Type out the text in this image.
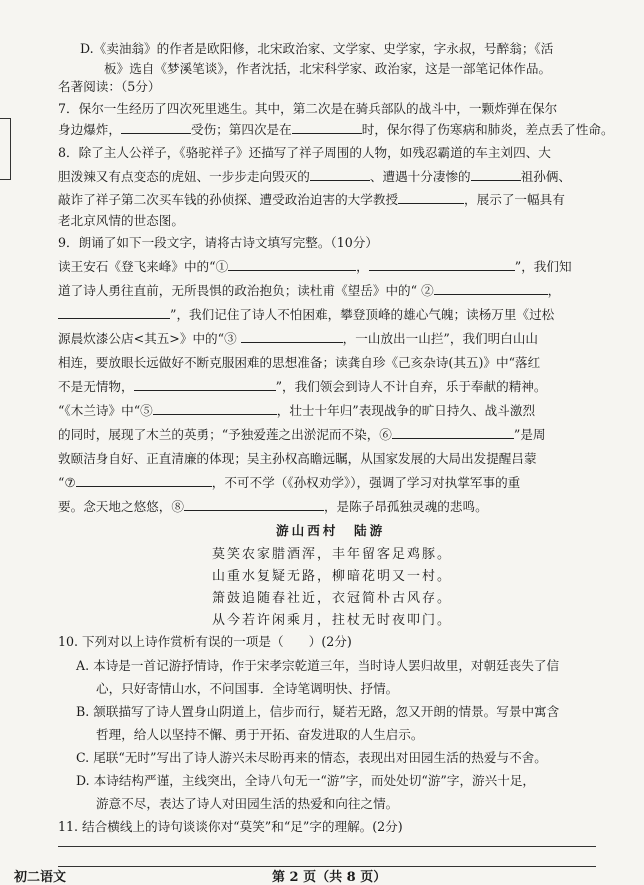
D.《卖油翁》的作者是欧阳修，北宋政治家、文学家、史学家，字永叔，号醉翁；《活
板》选自《梦溪笔谈》，作者沈括，北宋科学家、政治家，这是一部笔记体作品。
名著阅读：（5分）
7．保尔一生经历了四次死里逃生。其中，第二次是在骑兵部队的战斗中，一颗炸弹在保尔
身边爆炸，	受伤；第四次是在	时，保尔得了伤寒病和肺炎，差点丢了性命。
8．除了主人公祥子，《骆驼祥子》还描写了祥子周围的人物，如残忍霸道的车主刘四、大
胆泼辣又有点变态的虎妞、一步步走向毁灭的	、遭遇十分凄惨的	祖孙俩、
敲诈了祥子第二次买车钱的孙侦探、遭受政治迫害的大学教授	，展示了一幅具有
老北京风情的世态图。
9．朗诵了如下一段文字，请将古诗文填写完整。（10分）
读王安石《登飞来峰》中的“①	，	”，我们知
道了诗人勇往直前，无所畏惧的政治抱负；读杜甫《望岳》中的“ ②	，
”，我们记住了诗人不怕困难，攀登顶峰的雄心气魄；读杨万里《过松
源晨炊漆公店<其五>》中的“③	，一山放出一山拦”，我们明白山山
相连，要放眼长远做好不断克服困难的思想准备；读龚自珍《己亥杂诗(其五)》中“落红
不是无情物，	”，我们领会到诗人不计自弃，乐于奉献的精神。
“《木兰诗》中“⑤	，壮士十年归”表现战争的旷日持久、战斗激烈
的同时，展现了木兰的英勇；“予独爱莲之出淤泥而不染，⑥	”是周
敦颐洁身自好、正直清廉的体现；吴主孙权高瞻远瞩，从国家发展的大局出发提醒吕蒙
“⑦	，不可不学（《孙权劝学》），强调了学习对执掌军事的重
要。念天地之悠悠，⑧	，是陈子昂孤独灵魂的悲鸣。
游山西村　陆游
莫笑农家腊酒浑，丰年留客足鸡豚。
山重水复疑无路，柳暗花明又一村。
箫鼓追随春社近，衣冠简朴古风存。
从今若许闲乘月，拄杖无时夜叩门。
10. 下列对以上诗作赏析有误的一项是（　　）(2分)
A. 本诗是一首记游抒情诗，作于宋孝宗乾道三年，当时诗人罢归故里，对朝廷丧失了信
心，只好寄情山水，不问国事．全诗笔调明快、抒情。
B. 颔联描写了诗人置身山阴道上，信步而行，疑若无路，忽又开朗的情景。写景中寓含
哲理，给人以坚持不懈、勇于开拓、奋发进取的人生启示。
C. 尾联“无时”写出了诗人游兴未尽盼再来的情态，表现出对田园生活的热爱与不舍。
D. 本诗结构严谨，主线突出，全诗八句无一“游”字，而处处切“游”字，游兴十足，
游意不尽，表达了诗人对田园生活的热爱和向往之情。
11. 结合横线上的诗句谈谈你对“莫笑”和“足”字的理解。(2分)
初二语文	第 2 页（共 8 页）
